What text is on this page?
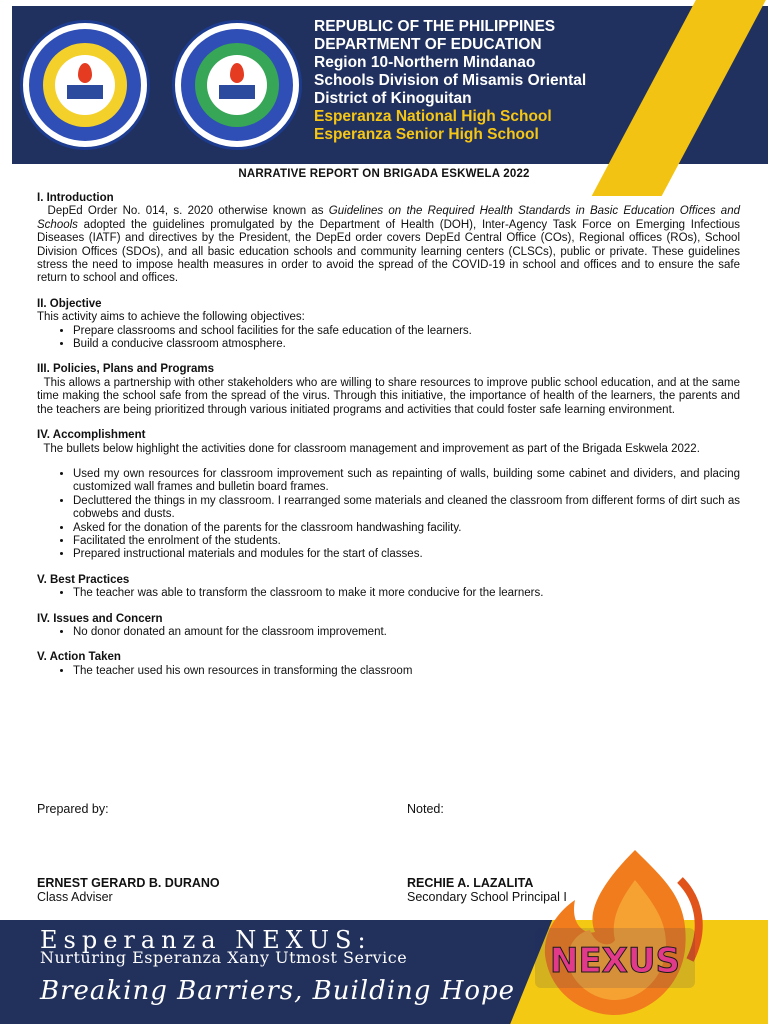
REPUBLIC OF THE PHILIPPINES
DEPARTMENT OF EDUCATION
Region 10-Northern Mindanao
Schools Division of Misamis Oriental
District of Kinoguitan
Esperanza National High School
Esperanza Senior High School
NARRATIVE REPORT ON BRIGADA ESKWELA 2022
I. Introduction

DepEd Order No. 014, s. 2020 otherwise known as Guidelines on the Required Health Standards in Basic Education Offices and Schools adopted the guidelines promulgated by the Department of Health (DOH), Inter-Agency Task Force on Emerging Infectious Diseases (IATF) and directives by the President, the DepEd order covers DepEd Central Office (COs), Regional offices (ROs), School Division Offices (SDOs), and all basic education schools and community learning centers (CLSCs), public or private. These guidelines stress the need to impose health measures in order to avoid the spread of the COVID-19 in school and offices and to ensure the safe return to school and offices.

II. Objective

This activity aims to achieve the following objectives:

• Prepare classrooms and school facilities for the safe education of the learners.
• Build a conducive classroom atmosphere.
III. Policies, Plans and Programs

This allows a partnership with other stakeholders who are willing to share resources to improve public school education, and at the same time making the school safe from the spread of the virus. Through this initiative, the importance of health of the learners, the parents and the teachers are being prioritized through various initiated programs and activities that could foster safe learning environment.

IV. Accomplishment

The bullets below highlight the activities done for classroom management and improvement as part of the Brigada Eskwela 2022.

• Used my own resources for classroom improvement such as repainting of walls, building some cabinet and dividers, and placing customized wall frames and bulletin board frames.
• Decluttered the things in my classroom. I rearranged some materials and cleaned the classroom from different forms of dirt such as cobwebs and dusts.
• Asked for the donation of the parents for the classroom handwashing facility.
• Facilitated the enrolment of the students.
• Prepared instructional materials and modules for the start of classes.
V. Best Practices
• The teacher was able to transform the classroom to make it more conducive for the learners.
IV. Issues and Concern
• No donor donated an amount for the classroom improvement.
V. Action Taken
• The teacher used his own resources in transforming the classroom
Prepared by:	Noted:
ERNEST GERARD B. DURANO
Class Adviser
RECHIE A. LAZALITA
Secondary School Principal I
Esperanza NEXUS:
Nurturing Esperanza Xany Utmost Service
Breaking Barriers, Building Hope
NEXUS
